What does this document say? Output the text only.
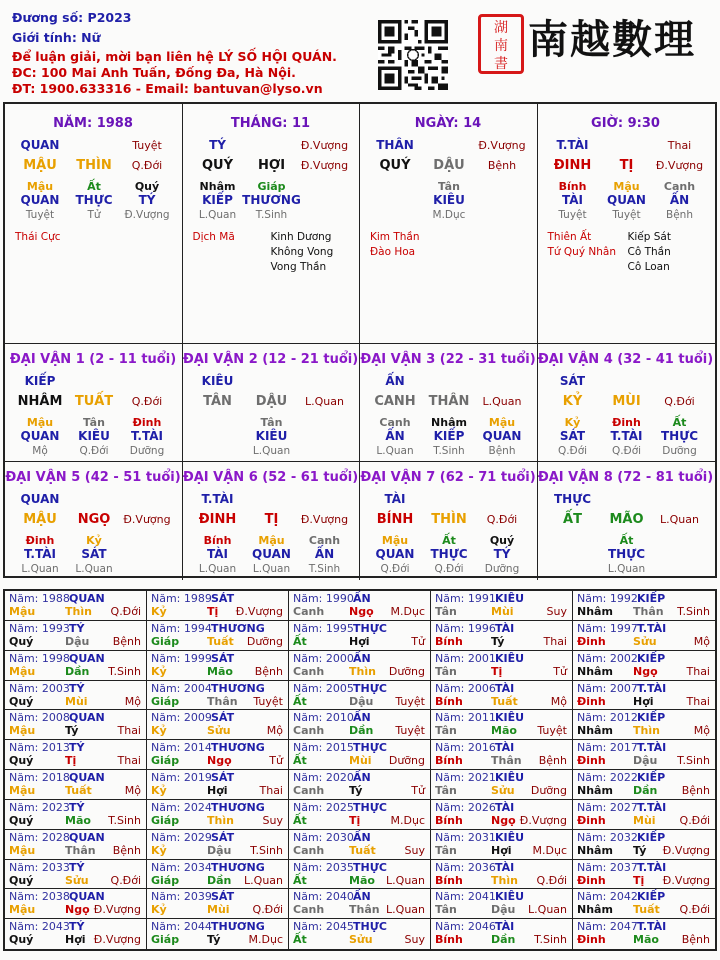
Đương số: P2023
Giới tính: Nữ
Để luận giải, mời bạn liên hệ LÝ SỐ HỘI QUÁN.
ĐC: 100 Mai Anh Tuấn, Đống Đa, Hà Nội.
ĐT: 1900.633316 - Email: bantuvan@lyso.vn
湖南書
南越數理
NĂM: 1988
QUAN	Tuyệt
MẬU THÌN Q.Đới
Mậu	Ất	Quý
QUAN THỰC TÝ
Tuyệt	Tử Đ.Vượng
Thái Cực
THÁNG: 11
TÝ	Đ.Vượng
QUÝ HỢI Đ.Vượng
Nhâm Giáp
KIẾP THƯƠNG
L.Quan T.Sinh
Dịch Mã	Kinh Dương
Không Vong
Vong Thần
NGÀY: 14
THÂN	Đ.Vượng
QUÝ DẬU Bệnh
Tân
KIÊU
M.Dục
Kim Thần
Đào Hoa
GIỜ: 9:30
T.TÀI	Thai
ĐINH TỊ Đ.Vượng
Bính Mậu Canh
TÀI QUAN ẤN
Tuyệt Tuyệt Bệnh
Thiên Ất
Tứ Quý Nhân
Kiếp Sát
Cô Thần
Cô Loan
ĐẠI VẬN 1 (2 - 11 tuổi)
KIẾP
NHÂM TUẤT Q.Đới
Mậu	Tân	Đinh
QUAN KIÊU T.TÀI
Mộ	Q.Đới Dưỡng
ĐẠI VẬN 2 (12 - 21 tuổi)
KIÊU
TÂN DẬU L.Quan
Tân
KIÊU
L.Quan
ĐẠI VẬN 3 (22 - 31 tuổi)
ẤN
CANH THÂN L.Quan
Canh Nhâm Mậu
ẤN KIẾP QUAN
L.Quan T.Sinh Bệnh
ĐẠI VẬN 4 (32 - 41 tuổi)
SÁT
KỶ MÙI Q.Đới
Kỷ	Đinh	Ất
SÁT T.TÀI THỰC
Q.Đới Q.Đới Dưỡng
ĐẠI VẬN 5 (42 - 51 tuổi)
QUAN
MẬU NGỌ Đ.Vượng
Đinh	Kỷ
T.TÀI SÁT
L.Quan L.Quan
ĐẠI VẬN 6 (52 - 61 tuổi)
T.TÀI
ĐINH TỊ Đ.Vượng
Bính Mậu Canh
TÀI QUAN ẤN
L.Quan L.Quan T.Sinh
ĐẠI VẬN 7 (62 - 71 tuổi)
TÀI
BÍNH THÌN Q.Đới
Mậu	Ất	Quý
QUAN THỰC TÝ
Q.Đới Q.Đới Dưỡng
ĐẠI VẬN 8 (72 - 81 tuổi)
THỰC
ẤT MÃO L.Quan
Ất
THỰC
L.Quan
Năm: 1988 QUAN
Mậu	Thìn Q.Đới
Năm: 1989 SÁT
Kỷ	Tị Đ.Vượng
Năm: 1990 ẤN
Canh Ngọ M.Dục
Năm: 1991 KIÊU
Tân	Mùi	Suy
Năm: 1992 KIẾP
Nhâm Thân T.Sinh
Năm: 1993 TÝ
Quý	Dậu Bệnh
Năm: 1994 THƯƠNG
Giáp	Tuất Dưỡng
Năm: 1995 THỰC
Ất	Hợi	Tử
Năm: 1996 TÀI
Bính	Tý	Thai
Năm: 1997 T.TÀI
Đinh Sửu	Mộ
Năm: 1998 QUAN
Mậu	Dần T.Sinh
Năm: 1999 SÁT
Kỷ	Mão Bệnh
Năm: 2000 ẤN
Canh Thìn Dưỡng
Năm: 2001 KIÊU
Tân	Tị	Tử
Năm: 2002 KIẾP
Nhâm Ngọ	Thai
Năm: 2003 TÝ
Quý	Mùi	Mộ
Năm: 2004 THƯƠNG
Giáp	Thân Tuyệt
Năm: 2005 THỰC
Ất	Dậu Tuyệt
Năm: 2006 TÀI
Bính	Tuất	Mộ
Năm: 2007 T.TÀI
Đinh Hợi	Thai
Năm: 2008 QUAN
Mậu	Tý	Thai
Năm: 2009 SÁT
Kỷ	Sửu	Mộ
Năm: 2010 ẤN
Canh Dần Tuyệt
Năm: 2011 KIÊU
Tân	Mão Tuyệt
Năm: 2012 KIẾP
Nhâm Thìn	Mộ
Năm: 2013 TÝ
Quý	Tị	Thai
Năm: 2014 THƯƠNG
Giáp	Ngọ	Tử
Năm: 2015 THỰC
Ất	Mùi Dưỡng
Năm: 2016 TÀI
Bính	Thân Bệnh
Năm: 2017 T.TÀI
Đinh Dậu T.Sinh
Năm: 2018 QUAN
Mậu	Tuất	Mộ
Năm: 2019 SÁT
Kỷ	Hợi	Thai
Năm: 2020 ẤN
Canh Tý	Tử
Năm: 2021 KIÊU
Tân	Sửu Dưỡng
Năm: 2022 KIẾP
Nhâm Dần Bệnh
Năm: 2023 TÝ
Quý	Mão T.Sinh
Năm: 2024 THƯƠNG
Giáp	Thìn	Suy
Năm: 2025 THỰC
Ất	Tị	M.Dục
Năm: 2026 TÀI
Bính	Ngọ Đ.Vượng
Năm: 2027 T.TÀI
Đinh Mùi Q.Đới
Năm: 2028 QUAN
Mậu	Thân Bệnh
Năm: 2029 SÁT
Kỷ	Dậu T.Sinh
Năm: 2030 ẤN
Canh Tuất	Suy
Năm: 2031 KIÊU
Tân	Hợi M.Dục
Năm: 2032 KIẾP
Nhâm Tý Đ.Vượng
Năm: 2033 TÝ
Quý	Sửu Q.Đới
Năm: 2034 THƯƠNG
Giáp	Dần L.Quan
Năm: 2035 THỰC
Ất	Mão L.Quan
Năm: 2036 TÀI
Bính	Thìn Q.Đới
Năm: 2037 T.TÀI
Đinh Tị Đ.Vượng
Năm: 2038 QUAN
Mậu	Ngọ Đ.Vượng
Năm: 2039 SÁT
Kỷ	Mùi Q.Đới
Năm: 2040 ẤN
Canh Thân L.Quan
Năm: 2041 KIÊU
Tân	Dậu L.Quan
Năm: 2042 KIẾP
Nhâm Tuất Q.Đới
Năm: 2043 TÝ
Quý	Hợi Đ.Vượng
Năm: 2044 THƯƠNG
Giáp	Tý	M.Dục
Năm: 2045 THỰC
Ất	Sửu	Suy
Năm: 2046 TÀI
Bính	Dần T.Sinh
Năm: 2047 T.TÀI
Đinh Mão Bệnh
